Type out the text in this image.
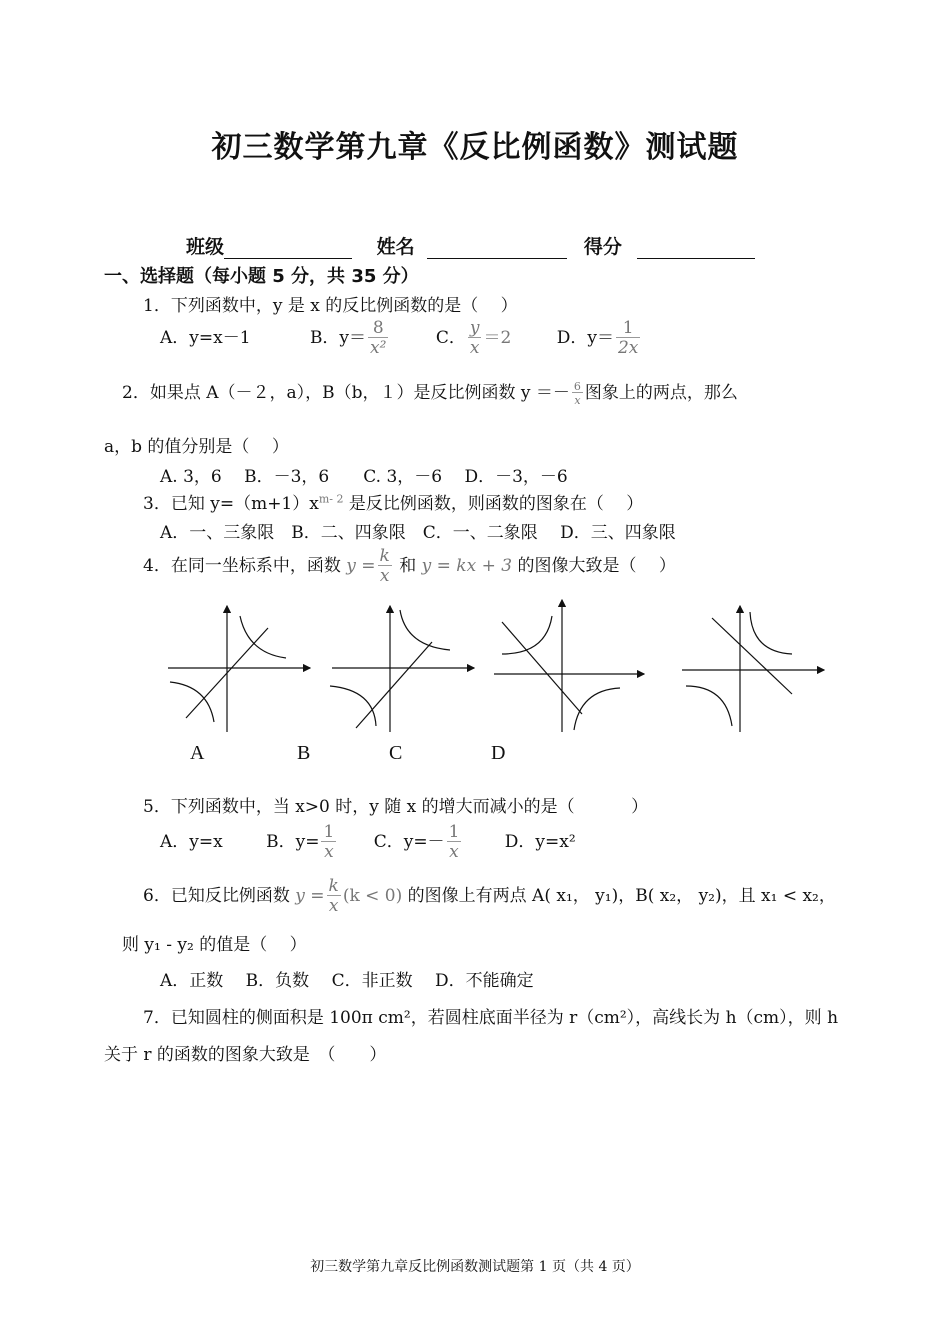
初三数学第九章《反比例函数》测试题
班级	姓名	得分
一、选择题（每小题 5 分，共 35 分）
1．下列函数中，y 是 x 的反比例函数的是（　 ）
A．y=x－1	B．$y= \frac{8}{\text{x²}}$	C． $\frac{y}{x} =2$	D．$y= \frac{1}{2x}$
2．如果点 A（－２，a），B（b，１）是反比例函数 $y =- \frac{6}{x}$ 图象上的两点，那么
a，b 的值分别是（　 ）
A. 3，6　 B．－3，6　　C. 3，－6　 D．－3，－6
3．已知 $y=(m+1)x^{m- 2}$ 是反比例函数，则函数的图象在（　 ）
A．一、三象限　B．二、四象限　C．一、二象限　 D．三、四象限
4．在同一坐标系中，函数 $y = \frac{k}{x}$ 和 y = kx + 3 的图像大致是（　 ）
A	B	C	D
5．下列函数中，当 x>0 时，y 随 x 的增大而减小的是（　　　 ）
A．y=x	B．$y= \frac{1}{x}$ C．$y=- \frac{1}{x}$	D．y=x²
6．已知反比例函数 $y = \frac{k}{x} (k < 0)$ 的图像上有两点 A( x₁， y₁)，B( x₂， y₂)，且 x₁ < x₂，
则 y₁ - y₂ 的值是（　 ）
A．正数　 B．负数　 C．非正数　 D．不能确定
7．已知圆柱的侧面积是 100π cm²，若圆柱底面半径为 r（cm²），高线长为 h（cm），则 h
关于 r 的函数的图象大致是　（　　）
初三数学第九章反比例函数测试题第 1 页（共 4 页）
